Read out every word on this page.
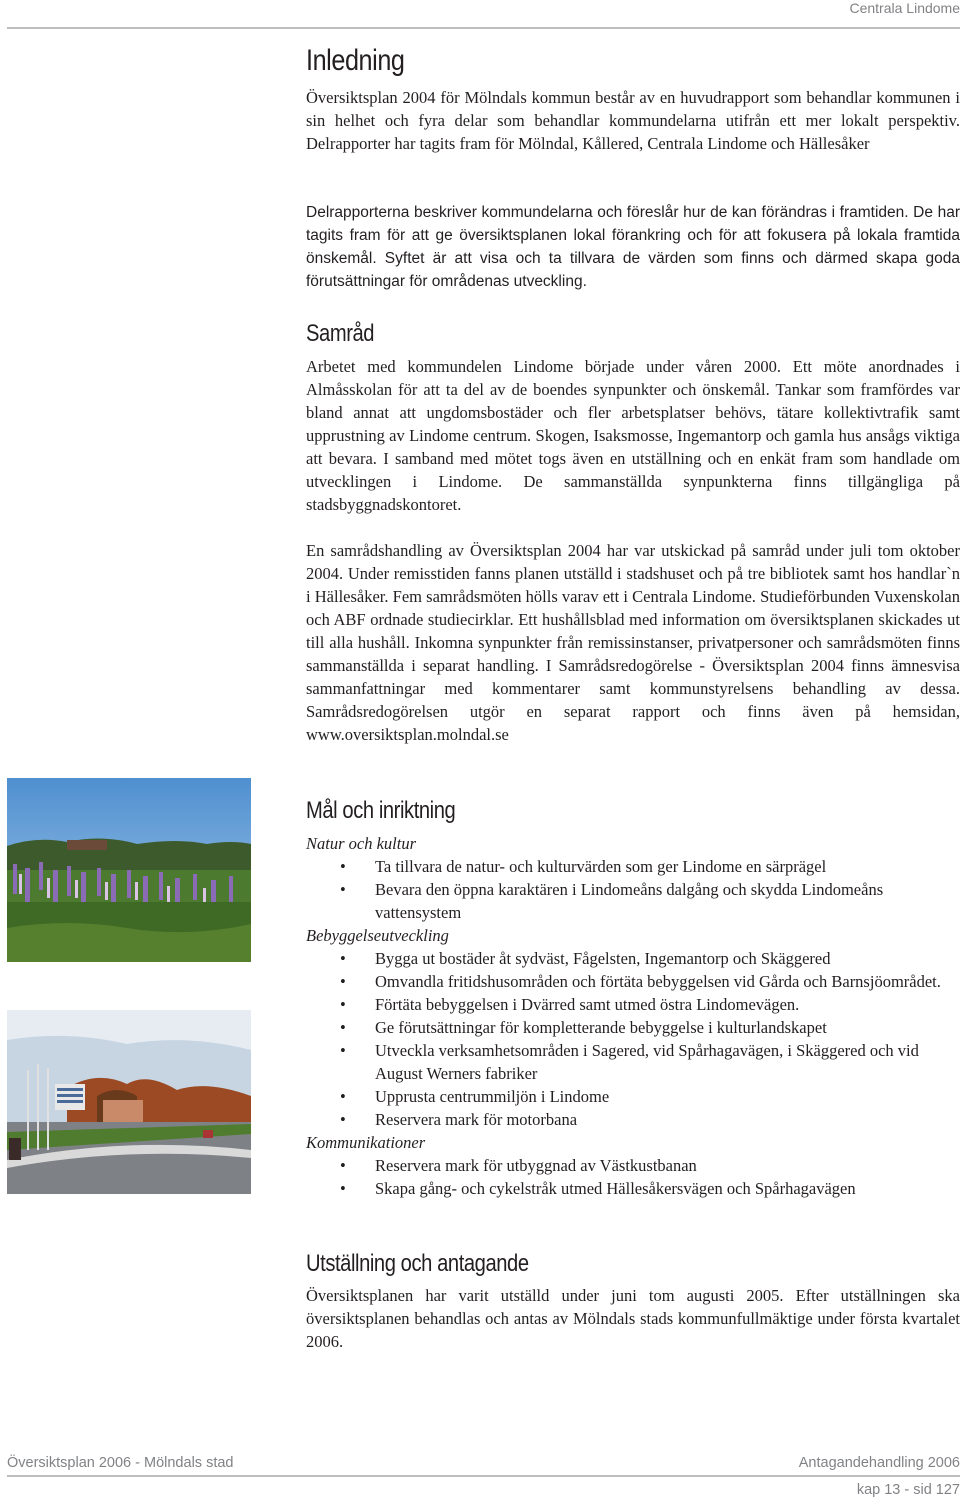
Centrala Lindome
Inledning

Översiktsplan 2004 för Mölndals kommun består av en huvudrapport som behandlar kommunen i sin helhet och fyra delar som behandlar kommundelarna utifrån ett mer lokalt perspektiv. Delrapporter har tagits fram för Mölndal, Kållered, Centrala Lindome och Hällesåker

Delrapporterna beskriver kommundelarna och föreslår hur de kan förändras i framtiden. De har tagits fram för att ge översiktsplanen lokal förankring och för att fokusera på lokala framtida önskemål. Syftet är att visa och ta tillvara de värden som finns och därmed skapa goda förutsättningar för områdenas utveckling.

Samråd

Arbetet med kommundelen Lindome började under våren 2000. Ett möte anordnades i Almåsskolan för att ta del av de boendes synpunkter och önskemål. Tankar som framfördes var bland annat att ungdomsbostäder och fler arbetsplatser behövs, tätare kollektivtrafik samt upprustning av Lindome centrum. Skogen, Isaksmosse, Ingemantorp och gamla hus ansågs viktiga att bevara. I samband med mötet togs även en utställning och en enkät fram som handlade om utvecklingen i Lindome. De sammanställda synpunkterna finns tillgängliga på stadsbyggnadskontoret.

En samrådshandling av Översiktsplan 2004 har var utskickad på samråd under juli tom oktober 2004. Under remisstiden fanns planen utställd i stadshuset och på tre bibliotek samt hos handlar`n i Hällesåker. Fem samrådsmöten hölls varav ett i Centrala Lindome. Studieförbunden Vuxenskolan och ABF ordnade studiecirklar. Ett hushållsblad med information om översiktsplanen skickades ut till alla hushåll. Inkomna synpunkter från remissinstanser, privatpersoner och samrådsmöten finns sammanställda i separat handling. I Samrådsredogörelse - Översiktsplan 2004 finns ämnesvisa sammanfattningar med kommentarer samt kommunstyrelsens behandling av dessa. Samrådsredogörelsen utgör en separat rapport och finns även på hemsidan, www.oversiktsplan.molndal.se

Mål och inriktning
Natur och kultur
• Ta tillvara de natur- och kulturvärden som ger Lindome en särprägel
• Bevara den öppna karaktären i Lindomeåns dalgång och skydda Lindomeåns vattensystem
Bebyggelseutveckling
• Bygga ut bostäder åt sydväst, Fågelsten, Ingemantorp och Skäggered
• Omvandla fritidshusområden och förtäta bebyggelsen vid Gårda och Barnsjöområdet.
• Förtäta bebyggelsen i Dvärred samt utmed östra Lindomevägen.
• Ge förutsättningar för kompletterande bebyggelse i kulturlandskapet
• Utveckla verksamhetsområden i Sagered, vid Spårhagavägen, i Skäggered och vid August Werners fabriker
• Upprusta centrummiljön i Lindome
• Reservera mark för motorbana
Kommunikationer
• Reservera mark för utbyggnad av Västkustbanan
• Skapa gång- och cykelstråk utmed Hällesåkersvägen och Spårhagavägen
Utställning och antagande

Översiktsplanen har varit utställd under juni tom augusti 2005. Efter utställningen ska översiktsplanen behandlas och antas av Mölndals stads kommunfullmäktige under första kvartalet 2006.

Översiktsplan 2006 - Mölndals stad	Antagandehandling 2006
kap 13 - sid 127
